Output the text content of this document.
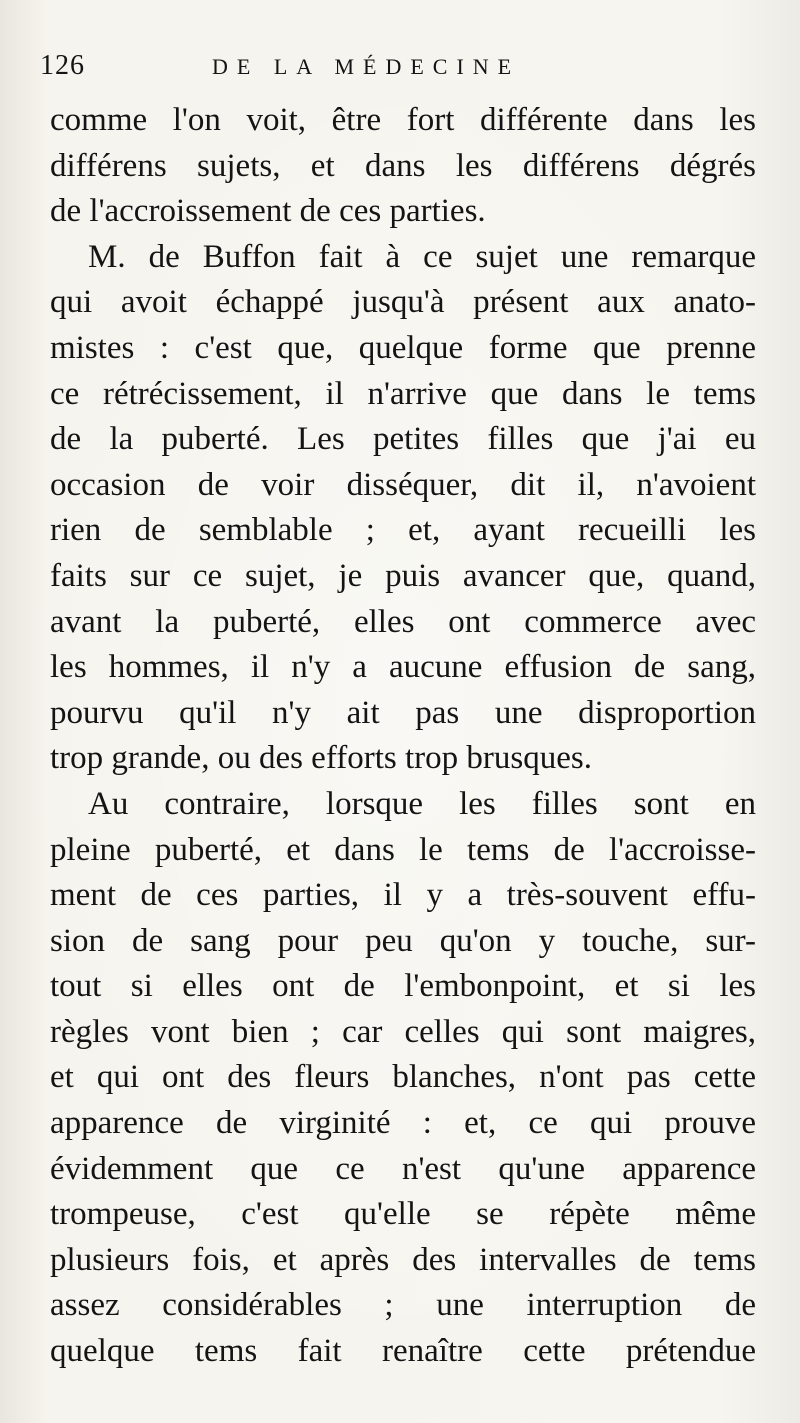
126	DE LA MÉDECINE
comme l'on voit, être fort différente dans les
différens sujets, et dans les différens dégrés
de l'accroissement de ces parties.
M. de Buffon fait à ce sujet une remarque
qui avoit échappé jusqu'à présent aux anato-
mistes : c'est que, quelque forme que prenne
ce rétrécissement, il n'arrive que dans le tems
de la puberté. Les petites filles que j'ai eu
occasion de voir disséquer, dit il, n'avoient
rien de semblable ; et, ayant recueilli les
faits sur ce sujet, je puis avancer que, quand,
avant la puberté, elles ont commerce avec
les hommes, il n'y a aucune effusion de sang,
pourvu qu'il n'y ait pas une disproportion
trop grande, ou des efforts trop brusques.
Au contraire, lorsque les filles sont en
pleine puberté, et dans le tems de l'accroisse-
ment de ces parties, il y a très-souvent effu-
sion de sang pour peu qu'on y touche, sur-
tout si elles ont de l'embonpoint, et si les
règles vont bien ; car celles qui sont maigres,
et qui ont des fleurs blanches, n'ont pas cette
apparence de virginité : et, ce qui prouve
évidemment que ce n'est qu'une apparence
trompeuse, c'est qu'elle se répète même
plusieurs fois, et après des intervalles de tems
assez considérables ; une interruption de
quelque tems fait renaître cette prétendue
